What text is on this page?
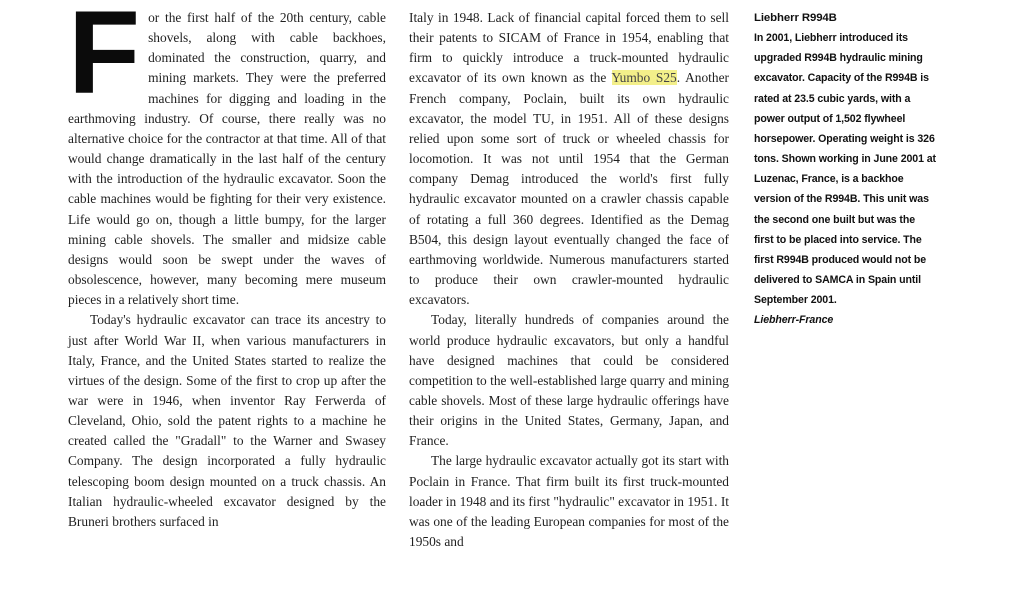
For the first half of the 20th century, cable shovels, along with cable backhoes, dominated the construction, quarry, and mining markets. They were the preferred machines for digging and loading in the earthmoving industry. Of course, there really was no alternative choice for the contractor at that time. All of that would change dramatically in the last half of the century with the introduction of the hydraulic excavator. Soon the cable machines would be fighting for their very existence. Life would go on, though a little bumpy, for the larger mining cable shovels. The smaller and midsize cable designs would soon be swept under the waves of obsolescence, however, many becoming mere museum pieces in a relatively short time.

Today's hydraulic excavator can trace its ancestry to just after World War II, when various manufacturers in Italy, France, and the United States started to realize the virtues of the design. Some of the first to crop up after the war were in 1946, when inventor Ray Ferwerda of Cleveland, Ohio, sold the patent rights to a machine he created called the "Gradall" to the Warner and Swasey Company. The design incorporated a fully hydraulic telescoping boom design mounted on a truck chassis. An Italian hydraulic-wheeled excavator designed by the Bruneri brothers surfaced in

Italy in 1948. Lack of financial capital forced them to sell their patents to SICAM of France in 1954, enabling that firm to quickly introduce a truck-mounted hydraulic excavator of its own known as the Yumbo S25. Another French company, Poclain, built its own hydraulic excavator, the model TU, in 1951. All of these designs relied upon some sort of truck or wheeled chassis for locomotion. It was not until 1954 that the German company Demag introduced the world's first fully hydraulic excavator mounted on a crawler chassis capable of rotating a full 360 degrees. Identified as the Demag B504, this design layout eventually changed the face of earthmoving worldwide. Numerous manufacturers started to produce their own crawler-mounted hydraulic excavators.

Today, literally hundreds of companies around the world produce hydraulic excavators, but only a handful have designed machines that could be considered competition to the well-established large quarry and mining cable shovels. Most of these large hydraulic offerings have their origins in the United States, Germany, Japan, and France.

The large hydraulic excavator actually got its start with Poclain in France. That firm built its first truck-mounted loader in 1948 and its first "hydraulic" excavator in 1951. It was one of the leading European companies for most of the 1950s and

Liebherr R994B
In 2001, Liebherr introduced its upgraded R994B hydraulic mining excavator. Capacity of the R994B is rated at 23.5 cubic yards, with a power output of 1,502 flywheel horsepower. Operating weight is 326 tons. Shown working in June 2001 at Luzenac, France, is a backhoe version of the R994B. This unit was the second one built but was the first to be placed into service. The first R994B produced would not be delivered to SAMCA in Spain until September 2001.
Liebherr-France
